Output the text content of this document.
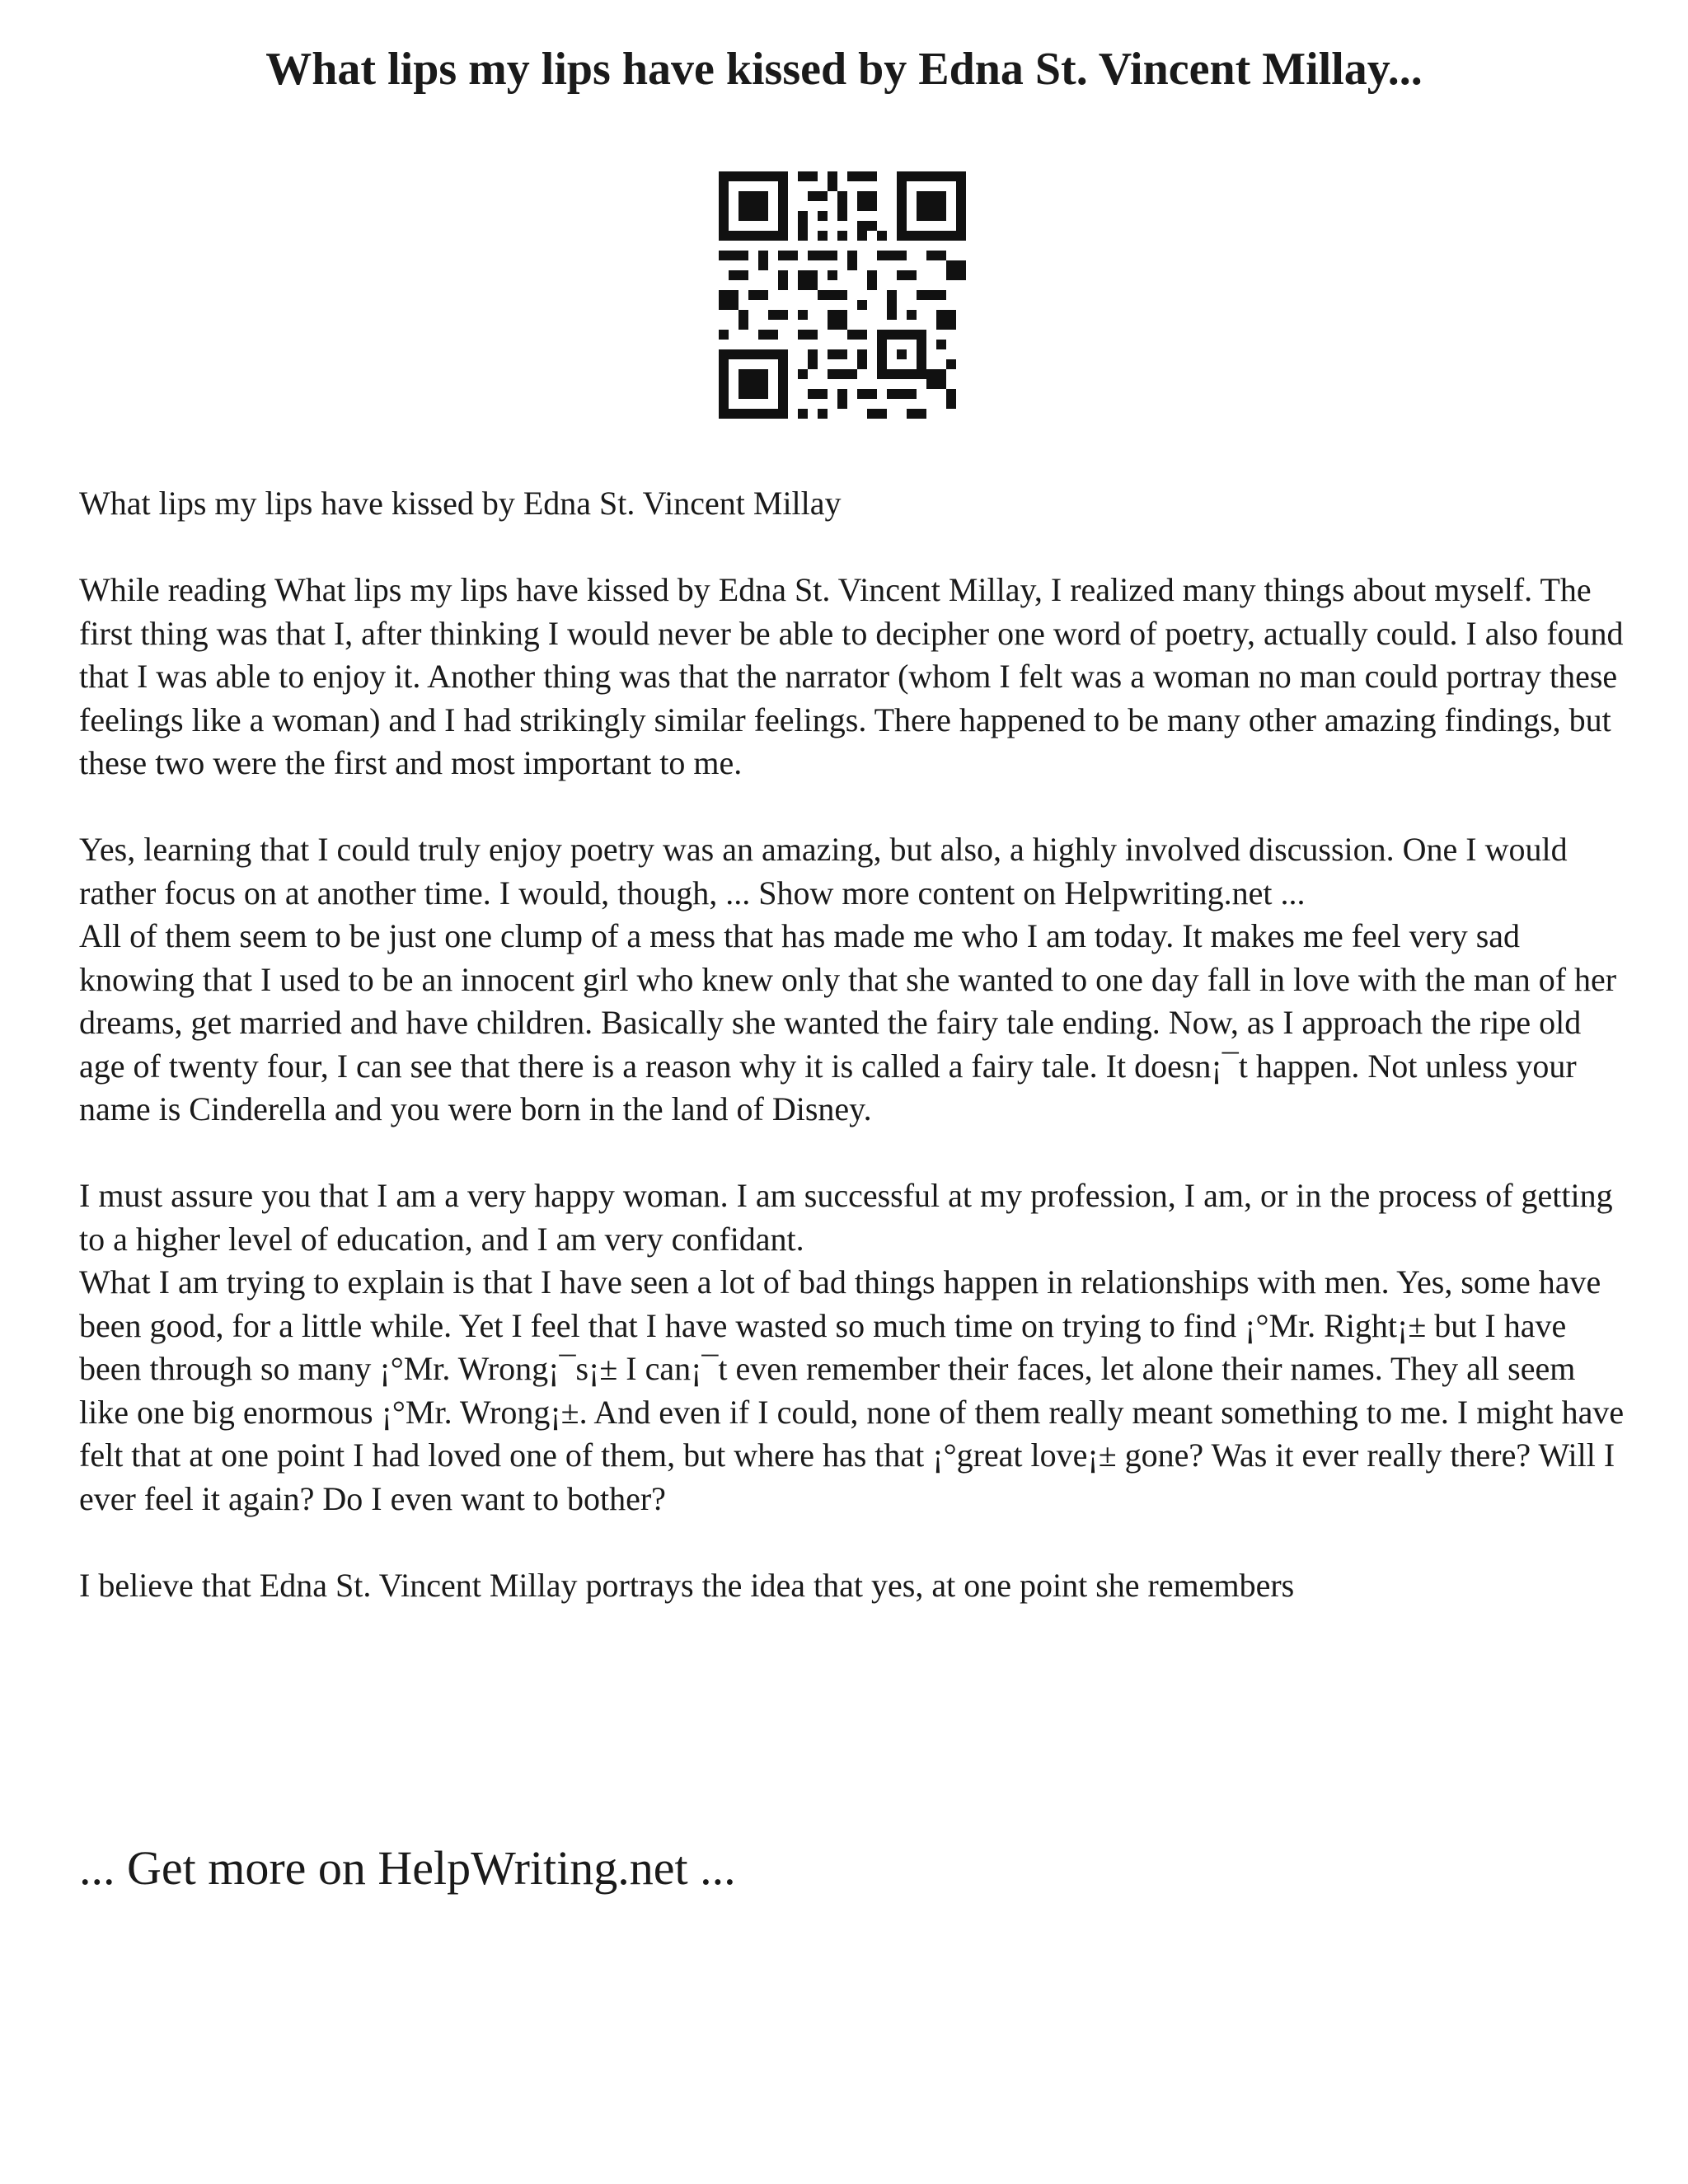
What lips my lips have kissed by Edna St. Vincent Millay...

What lips my lips have kissed by Edna St. Vincent Millay

While reading What lips my lips have kissed by Edna St. Vincent Millay, I realized many things about myself. The first thing was that I, after thinking I would never be able to decipher one word of poetry, actually could. I also found that I was able to enjoy it. Another thing was that the narrator (whom I felt was a woman no man could portray these feelings like a woman) and I had strikingly similar feelings. There happened to be many other amazing findings, but these two were the first and most important to me.

Yes, learning that I could truly enjoy poetry was an amazing, but also, a highly involved discussion. One I would rather focus on at another time. I would, though, ... Show more content on Helpwriting.net ...

All of them seem to be just one clump of a mess that has made me who I am today. It makes me feel very sad knowing that I used to be an innocent girl who knew only that she wanted to one day fall in love with the man of her dreams, get married and have children. Basically she wanted the fairy tale ending. Now, as I approach the ripe old age of twenty four, I can see that there is a reason why it is called a fairy tale. It doesn¡¯t happen. Not unless your name is Cinderella and you were born in the land of Disney.

I must assure you that I am a very happy woman. I am successful at my profession, I am, or in the process of getting to a higher level of education, and I am very confidant.

What I am trying to explain is that I have seen a lot of bad things happen in relationships with men. Yes, some have been good, for a little while. Yet I feel that I have wasted so much time on trying to find ¡°Mr. Right¡± but I have been through so many ¡°Mr. Wrong¡¯s¡± I can¡¯t even remember their faces, let alone their names. They all seem like one big enormous ¡°Mr. Wrong¡±. And even if I could, none of them really meant something to me. I might have felt that at one point I had loved one of them, but where has that ¡°great love¡± gone? Was it ever really there? Will I ever feel it again? Do I even want to bother?

I believe that Edna St. Vincent Millay portrays the idea that yes, at one point she remembers

... Get more on HelpWriting.net ...
